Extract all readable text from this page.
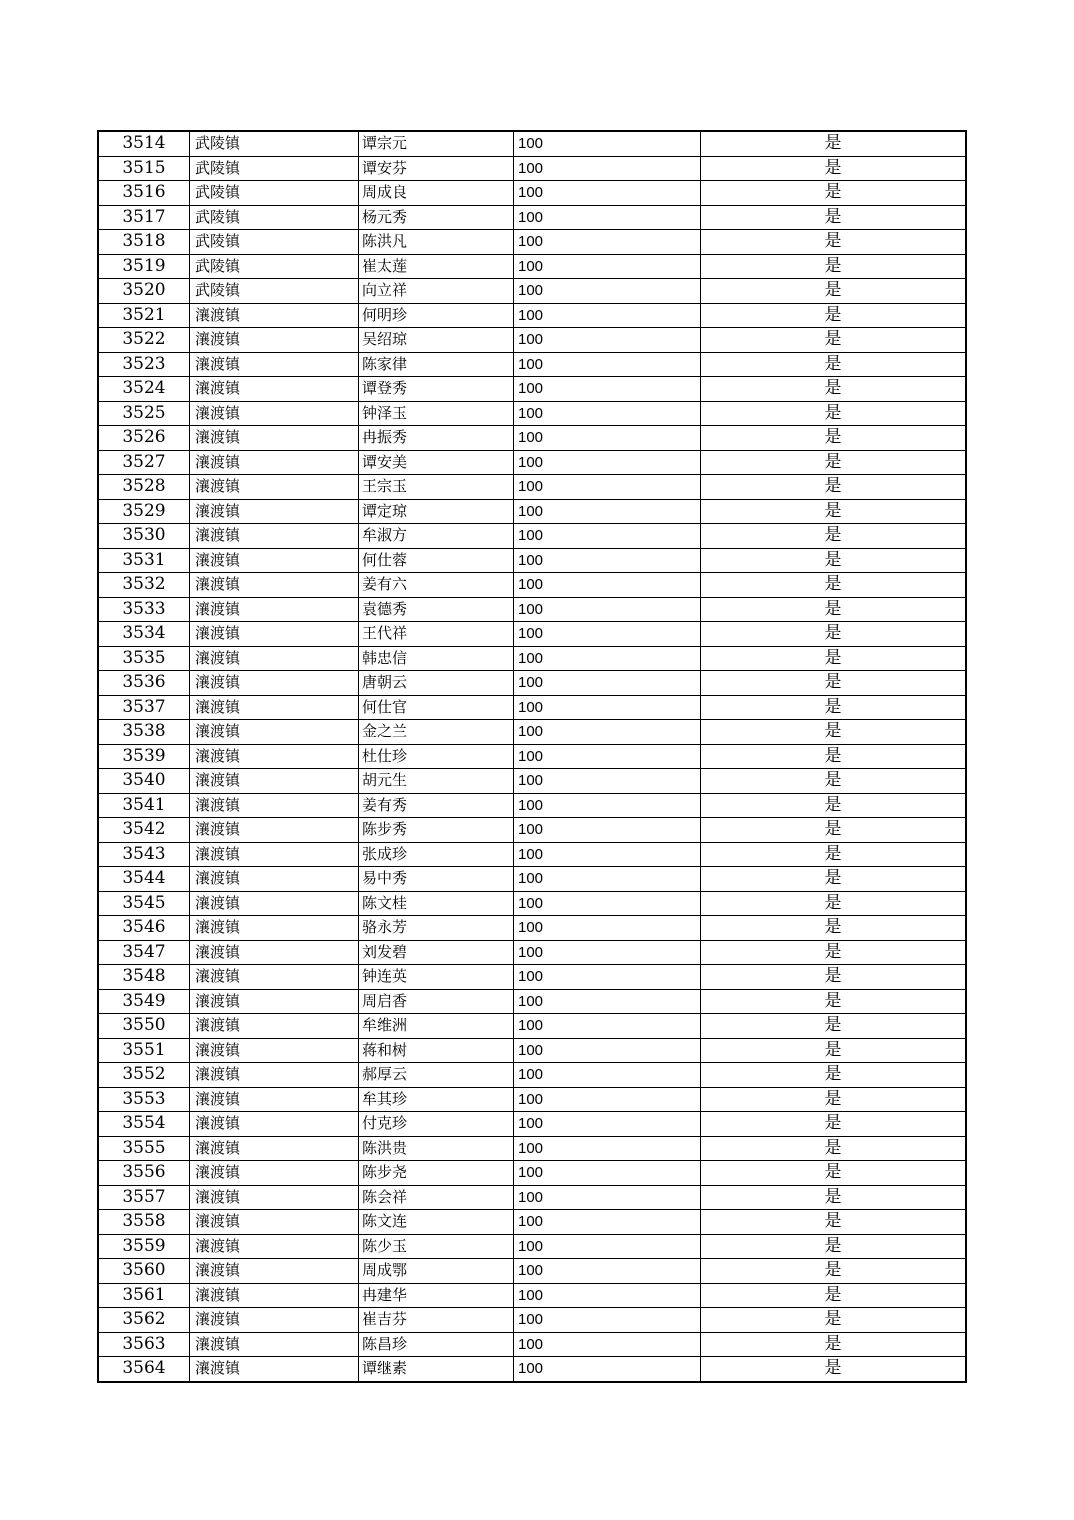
3514	武陵镇	谭宗元	100	是
3515	武陵镇	谭安芬	100	是
3516	武陵镇	周成良	100	是
3517	武陵镇	杨元秀	100	是
3518	武陵镇	陈洪凡	100	是
3519	武陵镇	崔太莲	100	是
3520	武陵镇	向立祥	100	是
3521	瀼渡镇	何明珍	100	是
3522	瀼渡镇	吴绍琼	100	是
3523	瀼渡镇	陈家律	100	是
3524	瀼渡镇	谭登秀	100	是
3525	瀼渡镇	钟泽玉	100	是
3526	瀼渡镇	冉振秀	100	是
3527	瀼渡镇	谭安美	100	是
3528	瀼渡镇	王宗玉	100	是
3529	瀼渡镇	谭定琼	100	是
3530	瀼渡镇	牟淑方	100	是
3531	瀼渡镇	何仕蓉	100	是
3532	瀼渡镇	姜有六	100	是
3533	瀼渡镇	袁德秀	100	是
3534	瀼渡镇	王代祥	100	是
3535	瀼渡镇	韩忠信	100	是
3536	瀼渡镇	唐朝云	100	是
3537	瀼渡镇	何仕官	100	是
3538	瀼渡镇	金之兰	100	是
3539	瀼渡镇	杜仕珍	100	是
3540	瀼渡镇	胡元生	100	是
3541	瀼渡镇	姜有秀	100	是
3542	瀼渡镇	陈步秀	100	是
3543	瀼渡镇	张成珍	100	是
3544	瀼渡镇	易中秀	100	是
3545	瀼渡镇	陈文桂	100	是
3546	瀼渡镇	骆永芳	100	是
3547	瀼渡镇	刘发碧	100	是
3548	瀼渡镇	钟连英	100	是
3549	瀼渡镇	周启香	100	是
3550	瀼渡镇	牟维洲	100	是
3551	瀼渡镇	蒋和树	100	是
3552	瀼渡镇	郝厚云	100	是
3553	瀼渡镇	牟其珍	100	是
3554	瀼渡镇	付克珍	100	是
3555	瀼渡镇	陈洪贵	100	是
3556	瀼渡镇	陈步尧	100	是
3557	瀼渡镇	陈会祥	100	是
3558	瀼渡镇	陈文连	100	是
3559	瀼渡镇	陈少玉	100	是
3560	瀼渡镇	周成鄂	100	是
3561	瀼渡镇	冉建华	100	是
3562	瀼渡镇	崔吉芬	100	是
3563	瀼渡镇	陈昌珍	100	是
3564	瀼渡镇	谭继素	100	是
